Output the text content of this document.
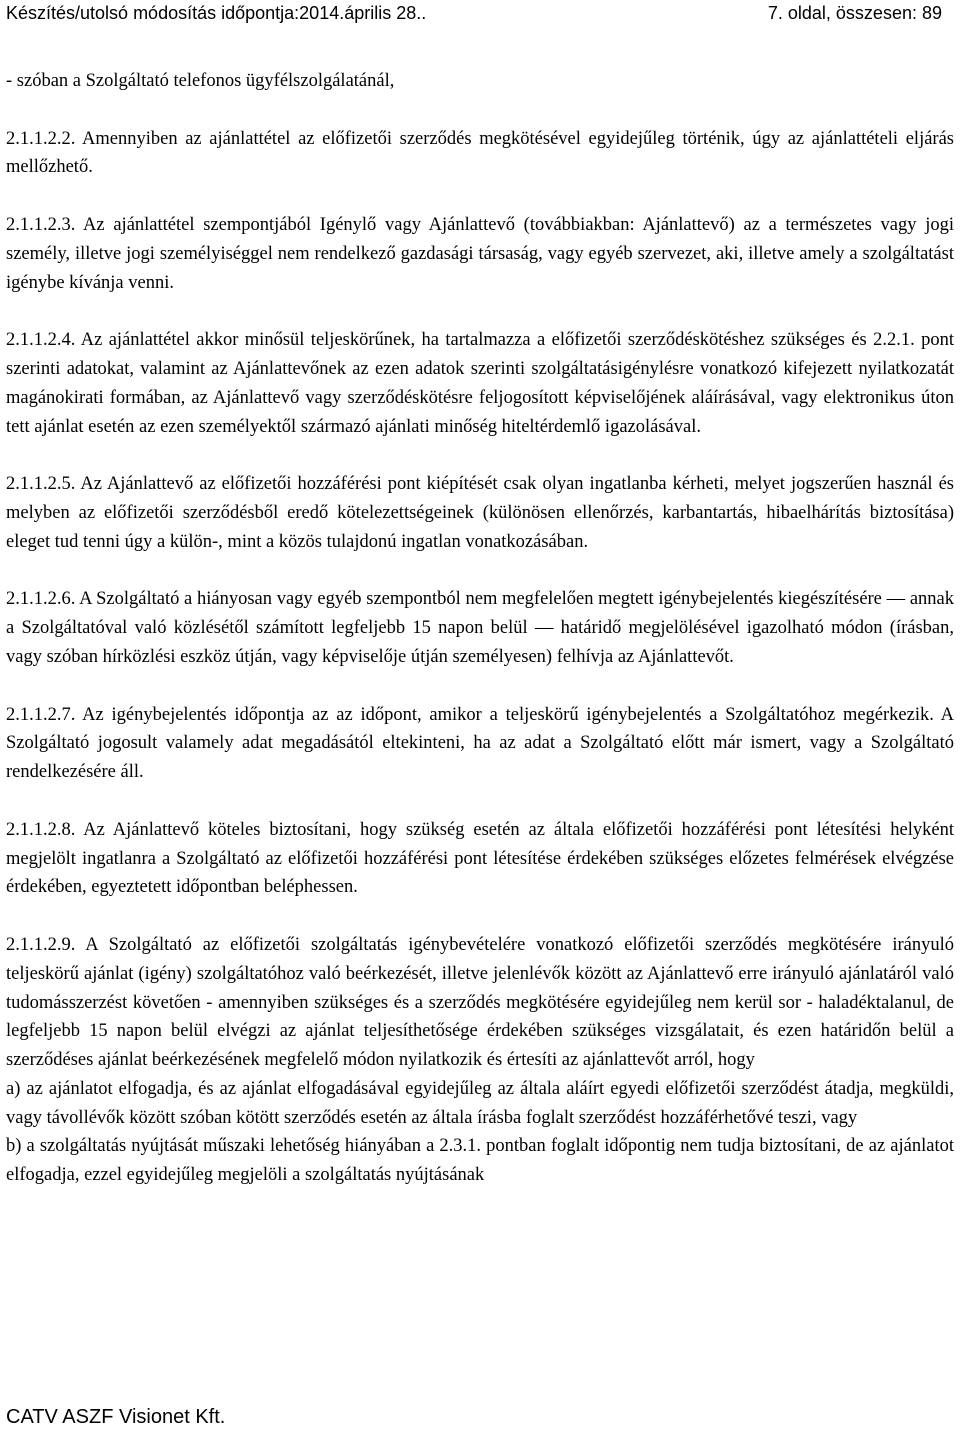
Készítés/utolsó módosítás időpontja:2014.április 28..	7. oldal, összesen: 89

- szóban a Szolgáltató telefonos ügyfélszolgálatánál,

2.1.1.2.2. Amennyiben az ajánlattétel az előfizetői szerződés megkötésével egyidejűleg történik, úgy az ajánlattételi eljárás mellőzhető.

2.1.1.2.3. Az ajánlattétel szempontjából Igénylő vagy Ajánlattevő (továbbiakban: Ajánlattevő) az a természetes vagy jogi személy, illetve jogi személyiséggel nem rendelkező gazdasági társaság, vagy egyéb szervezet, aki, illetve amely a szolgáltatást igénybe kívánja venni.

2.1.1.2.4. Az ajánlattétel akkor minősül teljeskörűnek, ha tartalmazza a előfizetői szerződéskötéshez szükséges és 2.2.1. pont szerinti adatokat, valamint az Ajánlattevőnek az ezen adatok szerinti szolgáltatásigénylésre vonatkozó kifejezett nyilatkozatát magánokirati formában, az Ajánlattevő vagy szerződéskötésre feljogosított képviselőjének aláírásával, vagy elektronikus úton tett ajánlat esetén az ezen személyektől származó ajánlati minőség hiteltérdemlő igazolásával.

2.1.1.2.5. Az Ajánlattevő az előfizetői hozzáférési pont kiépítését csak olyan ingatlanba kérheti, melyet jogszerűen használ és melyben az előfizetői szerződésből eredő kötelezettségeinek (különösen ellenőrzés, karbantartás, hibaelhárítás biztosítása) eleget tud tenni úgy a külön-, mint a közös tulajdonú ingatlan vonatkozásában.

2.1.1.2.6. A Szolgáltató a hiányosan vagy egyéb szempontból nem megfelelően megtett igénybejelentés kiegészítésére — annak a Szolgáltatóval való közlésétől számított legfeljebb 15 napon belül — határidő megjelölésével igazolható módon (írásban, vagy szóban hírközlési eszköz útján, vagy képviselője útján személyesen) felhívja az Ajánlattevőt.

2.1.1.2.7. Az igénybejelentés időpontja az az időpont, amikor a teljeskörű igénybejelentés a Szolgáltatóhoz megérkezik. A Szolgáltató jogosult valamely adat megadásától eltekinteni, ha az adat a Szolgáltató előtt már ismert, vagy a Szolgáltató rendelkezésére áll.

2.1.1.2.8. Az Ajánlattevő köteles biztosítani, hogy szükség esetén az általa előfizetői hozzáférési pont létesítési helyként megjelölt ingatlanra a Szolgáltató az előfizetői hozzáférési pont létesítése érdekében szükséges előzetes felmérések elvégzése érdekében, egyeztetett időpontban beléphessen.

2.1.1.2.9. A Szolgáltató az előfizetői szolgáltatás igénybevételére vonatkozó előfizetői szerződés megkötésére irányuló teljeskörű ajánlat (igény) szolgáltatóhoz való beérkezését, illetve jelenlévők között az Ajánlattevő erre irányuló ajánlatáról való tudomásszerzést követően - amennyiben szükséges és a szerződés megkötésére egyidejűleg nem kerül sor - haladéktalanul, de legfeljebb 15 napon belül elvégzi az ajánlat teljesíthetősége érdekében szükséges vizsgálatait, és ezen határidőn belül a szerződéses ajánlat beérkezésének megfelelő módon nyilatkozik és értesíti az ajánlattevőt arról, hogy

a) az ajánlatot elfogadja, és az ajánlat elfogadásával egyidejűleg az általa aláírt egyedi előfizetői szerződést átadja, megküldi, vagy távollévők között szóban kötött szerződés esetén az általa írásba foglalt szerződést hozzáférhetővé teszi, vagy

b) a szolgáltatás nyújtását műszaki lehetőség hiányában a 2.3.1. pontban foglalt időpontig nem tudja biztosítani, de az ajánlatot elfogadja, ezzel egyidejűleg megjelöli a szolgáltatás nyújtásának

CATV ASZF Visionet Kft.
